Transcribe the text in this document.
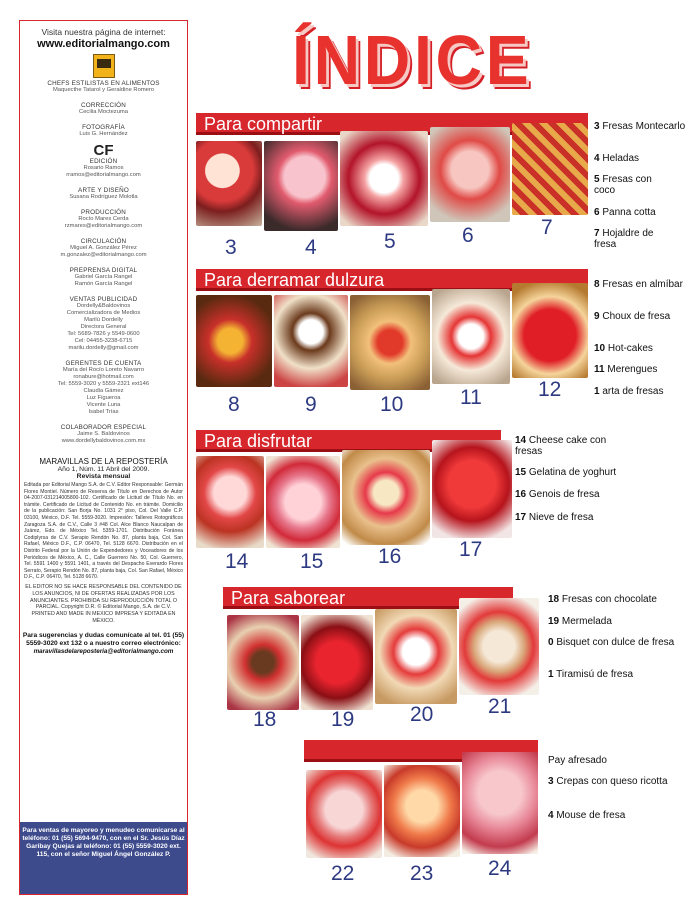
Visita nuestra página de internet:
www.editorialmango.com
CHEFS ESTILISTAS EN ALIMENTOS
Maquecthe Tatarol y Geraldine Romero
CORRECCIÓN
Cecilia Moctezuma
FOTOGRAFÍA
Luis G. Hernández
CF
EDICIÓN
Rosario Ramos
rramos@editorialmango.com
ARTE Y DISEÑO
Susana Rodríguez Molotla
PRODUCCIÓN
Rocío Mares Cerda
rzmares@editorialmango.com
CIRCULACIÓN
Miguel A. González Pérez
m.gonzalez@editorialmango.com
PREPRENSA DIGITAL
Gabriel García Rangel
Ramón García Rangel
VENTAS PUBLICIDAD
Dordelly&Baldovinos
Comercializadora de Medios
Marilú Dordelly
Directora General
Tel: 5689-7826 y 5549-0600
Cel: 04455-3238-6715
marilu.dordelly@gmail.com
GERENTES DE CUENTA
María del Rocío Loreto Navarro
ronabure@hotmail.com
Tel: 5559-3020 y 5559-2321 ext146
Claudia Gámez
Luz Figueroa
Vicente Luna
Isabel Trías
COLABORADOR ESPECIAL
Jaime S. Baldovinos
www.dordellybaldovinos.com.mx
MARAVILLAS DE LA REPOSTERÍA
Año 1, Núm. 11 Abril del 2009.
Revista mensual
Editada por Editorial Mango S.A. de C.V. Editor Responsable: Germán Flores Montiel. Número de Reserva de Título en Derechos de Autor 04-2007-031214005800-102. Certificado de Licitud de Título No. en trámite. Certificado de Licitud de Contenido No. en trámite. Domicilio de la publicación: San Borja No. 1031 2° piso, Col. Del Valle C.P. 03100, México, D.F. Tel. 5559-3020. Impresión: Talleres Rotográficos Zaragoza S.A. de C.V., Calle 3 #48 Col. Alce Blanco Naucalpan de Juárez, Edo. de México Tel. 5359-1701. Distribución Foránea Codiplyrsa de C.V. Serapio Rendón No. 87, planta baja, Col. San Rafael, México D.F., C.P. 06470, Tel. 5128 6670. Distribución en el Distrito Federal por la Unión de Expendedores y Voceadores de los Periódicos de México, A. C., Calle Guerrero No. 50, Col. Guerrero, Tel. 5591 1400 y 5591 1401, a través del Despacho Everardo Flores Serrato, Serapio Rendón No. 87, planta baja, Col. San Rafael, México D.F., C.P. 06470, Tel. 5128 6670.
EL EDITOR NO SE HACE RESPONSABLE DEL CONTENIDO DE LOS ANUNCIOS, NI DE OFERTAS REALIZADAS POR LOS ANUNCIANTES. PROHIBIDA SU REPRODUCCIÓN TOTAL O PARCIAL. Copyright D.R. © Editorial Mango, S.A. de C.V. PRINTED AND MADE IN MEXICO IMPRESA Y EDITADA EN MÉXICO.
Para sugerencias y dudas comunícate al tel. 01 (55) 5559-3020 ext 132 o a nuestro correo electrónico:
maravillasdelareposteria@editorialmango.com
Para ventas de mayoreo y menudeo comunicarse al teléfono: 01 (55) 5694-9470, con en el Sr. Jesús Díaz Garibay Quejas al teléfono: 01 (55) 5559-3020 ext. 115, con el señor Miguel Ángel González P.
ÍNDICE
Para compartir
3	4	5	6	7
3 Fresas Montecarlo
4 Heladas
5 Fresas con coco
6 Panna cotta
7 Hojaldre de fresa
Para derramar dulzura
8	9	10	11	12
8 Fresas en almíbar
9 Choux de fresa
10 Hot-cakes
11 Merengues
1 arta de fresas
Para disfrutar
14 15	16	17
14 Cheese cake con fresas
15 Gelatina de yoghurt
16 Genois de fresa
17 Nieve de fresa
Para saborear
18	19	20	21
18 Fresas con chocolate
19 Mermelada
0 Bisquet con dulce de fresa
1 Tiramisú de fresa
22	23	24
Pay afresado
3 Crepas con queso ricotta
4 Mouse de fresa
